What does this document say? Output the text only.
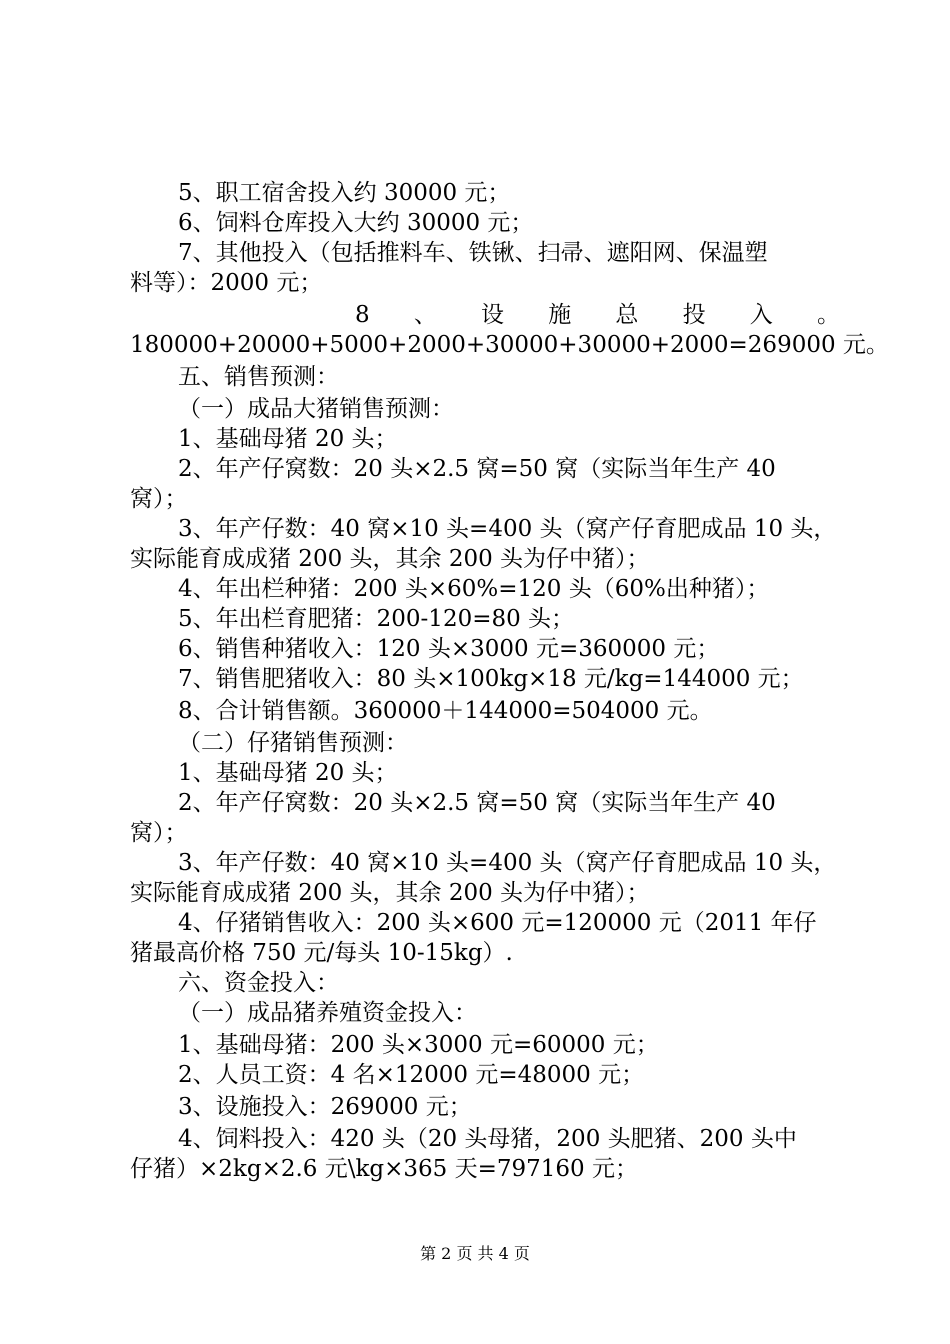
5、职工宿舍投入约 30000 元；
6、饲料仓库投入大约 30000 元；
7、其他投入（包括推料车、铁锹、扫帚、遮阳网、保温塑
料等）：2000 元；
8 、 设 施 总 投 入 。
180000+20000+5000+2000+30000+30000+2000=269000 元。
五、销售预测：
（一）成品大猪销售预测：
1、基础母猪 20 头；
2、年产仔窝数：20 头×2.5 窝=50 窝（实际当年生产 40
窝）；
3、年产仔数：40 窝×10 头=400 头（窝产仔育肥成品 10 头，
实际能育成成猪 200 头，其余 200 头为仔中猪）；
4、年出栏种猪：200 头×60%=120 头（60%出种猪）；
5、年出栏育肥猪：200-120=80 头；
6、销售种猪收入：120 头×3000 元=360000 元；
7、销售肥猪收入：80 头×100kg×18 元/kg=144000 元；
8、合计销售额。360000＋144000=504000 元。
（二）仔猪销售预测：
1、基础母猪 20 头；
2、年产仔窝数：20 头×2.5 窝=50 窝（实际当年生产 40
窝）；
3、年产仔数：40 窝×10 头=400 头（窝产仔育肥成品 10 头，
实际能育成成猪 200 头，其余 200 头为仔中猪）；
4、仔猪销售收入：200 头×600 元=120000 元（2011 年仔
猪最高价格 750 元/每头 10-15kg）.
六、资金投入：
（一）成品猪养殖资金投入：
1、基础母猪：200 头×3000 元=60000 元；
2、人员工资：4 名×12000 元=48000 元；
3、设施投入：269000 元；
4、饲料投入：420 头（20 头母猪，200 头肥猪、200 头中
仔猪）×2kg×2.6 元\kg×365 天=797160 元；
第 2 页 共 4 页
